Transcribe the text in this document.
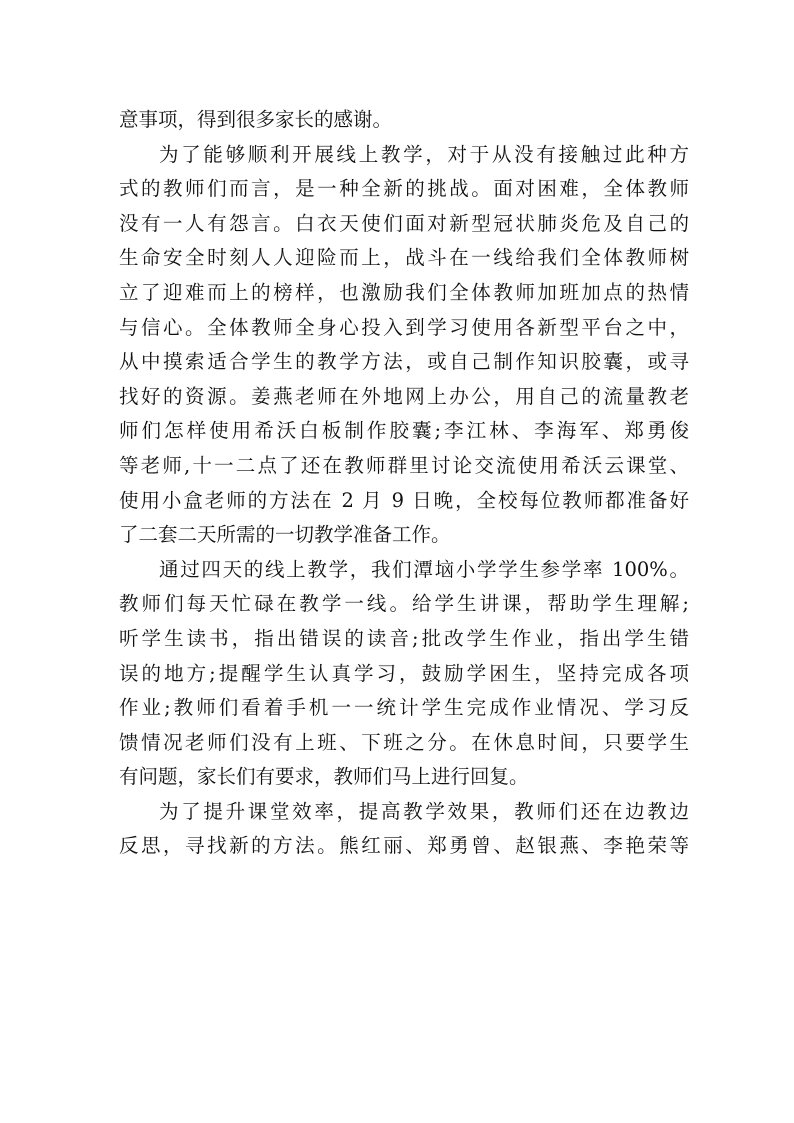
意事项，得到很多家长的感谢。
为了能够顺利开展线上教学，对于从没有接触过此种方
式的教师们而言，是一种全新的挑战。面对困难，全体教师
没有一人有怨言。白衣天使们面对新型冠状肺炎危及自己的
生命安全时刻人人迎险而上，战斗在一线给我们全体教师树
立了迎难而上的榜样，也激励我们全体教师加班加点的热情
与信心。全体教师全身心投入到学习使用各新型平台之中，
从中摸索适合学生的教学方法，或自己制作知识胶囊，或寻
找好的资源。姜燕老师在外地网上办公，用自己的流量教老
师们怎样使用希沃白板制作胶囊;李江林、李海军、郑勇俊
等老师,十一二点了还在教师群里讨论交流使用希沃云课堂、
使用小盒老师的方法在 2 月 9 日晚，全校每位教师都准备好
了二套二天所需的一切教学准备工作。
通过四天的线上教学，我们潭垴小学学生参学率 100%。
教师们每天忙碌在教学一线。给学生讲课，帮助学生理解;
听学生读书，指出错误的读音;批改学生作业，指出学生错
误的地方;提醒学生认真学习，鼓励学困生，坚持完成各项
作业;教师们看着手机一一统计学生完成作业情况、学习反
馈情况老师们没有上班、下班之分。在休息时间，只要学生
有问题，家长们有要求，教师们马上进行回复。
为了提升课堂效率，提高教学效果，教师们还在边教边
反思，寻找新的方法。熊红丽、郑勇曾、赵银燕、李艳荣等
